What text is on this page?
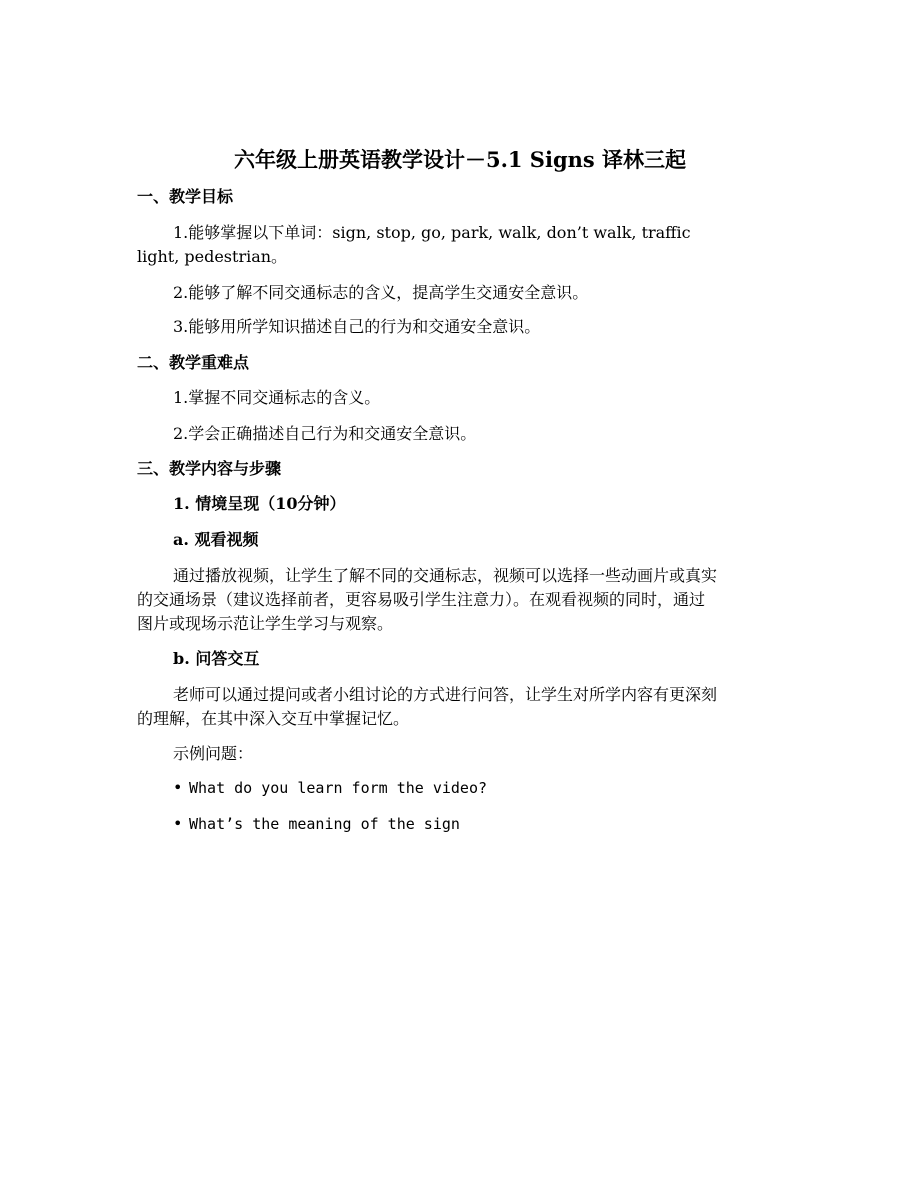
六年级上册英语教学设计－5.1 Signs 译林三起
一、教学目标
1.能够掌握以下单词：sign, stop, go, park, walk, don’t walk, traffic
light, pedestrian。
2.能够了解不同交通标志的含义，提高学生交通安全意识。
3.能够用所学知识描述自己的行为和交通安全意识。
二、教学重难点
1.掌握不同交通标志的含义。
2.学会正确描述自己行为和交通安全意识。
三、教学内容与步骤
1. 情境呈现（10分钟）
a. 观看视频
通过播放视频，让学生了解不同的交通标志，视频可以选择一些动画片或真实
的交通场景（建议选择前者，更容易吸引学生注意力）。在观看视频的同时，通过
图片或现场示范让学生学习与观察。
b. 问答交互
老师可以通过提问或者小组讨论的方式进行问答，让学生对所学内容有更深刻
的理解，在其中深入交互中掌握记忆。
示例问题：
• What do you learn form the video?
• What’s the meaning of the sign
